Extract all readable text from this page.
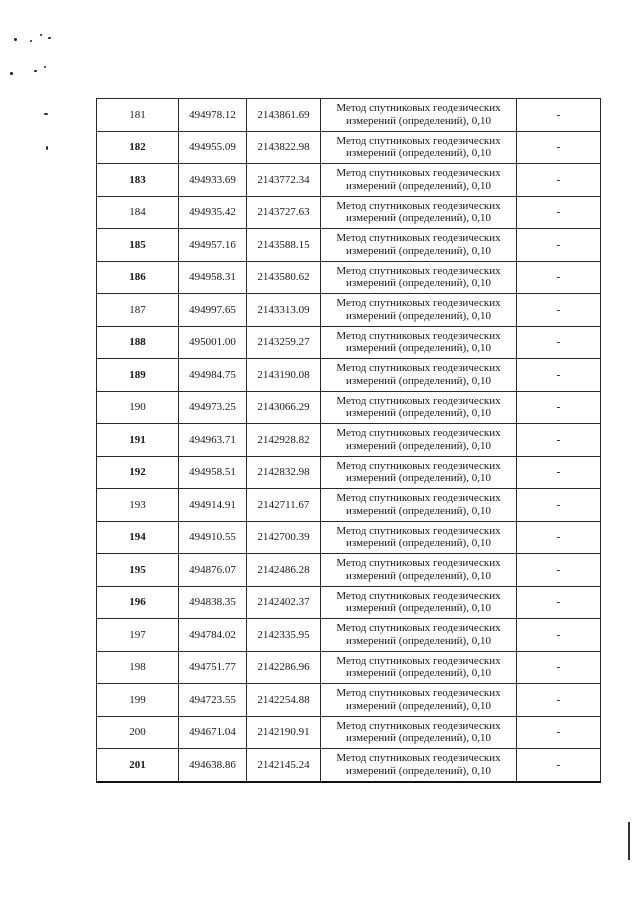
181	494978.12	2143861.69	Метод спутниковых геодезических
измерений (определений), 0,10	-
182	494955.09	2143822.98	Метод спутниковых геодезических
измерений (определений), 0,10	-
183	494933.69	2143772.34	Метод спутниковых геодезических
измерений (определений), 0,10	-
184	494935.42	2143727.63	Метод спутниковых геодезических
измерений (определений), 0,10	-
185	494957.16	2143588.15	Метод спутниковых геодезических
измерений (определений), 0,10	-
186	494958.31	2143580.62	Метод спутниковых геодезических
измерений (определений), 0,10	-
187	494997.65	2143313.09	Метод спутниковых геодезических
измерений (определений), 0,10	-
188	495001.00	2143259.27	Метод спутниковых геодезических
измерений (определений), 0,10	-
189	494984.75	2143190.08	Метод спутниковых геодезических
измерений (определений), 0,10	-
190	494973.25	2143066.29	Метод спутниковых геодезических
измерений (определений), 0,10	-
191	494963.71	2142928.82	Метод спутниковых геодезических
измерений (определений), 0,10	-
192	494958.51	2142832.98	Метод спутниковых геодезических
измерений (определений), 0,10	-
193	494914.91	2142711.67	Метод спутниковых геодезических
измерений (определений), 0,10	-
194	494910.55	2142700.39	Метод спутниковых геодезических
измерений (определений), 0,10	-
195	494876.07	2142486.28	Метод спутниковых геодезических
измерений (определений), 0,10	-
196	494838.35	2142402.37	Метод спутниковых геодезических
измерений (определений), 0,10	-
197	494784.02	2142335.95	Метод спутниковых геодезических
измерений (определений), 0,10	-
198	494751.77	2142286.96	Метод спутниковых геодезических
измерений (определений), 0,10	-
199	494723.55	2142254.88	Метод спутниковых геодезических
измерений (определений), 0,10	-
200	494671.04	2142190.91	Метод спутниковых геодезических
измерений (определений), 0,10	-
201	494638.86	2142145.24	Метод спутниковых геодезических
измерений (определений), 0,10	-
